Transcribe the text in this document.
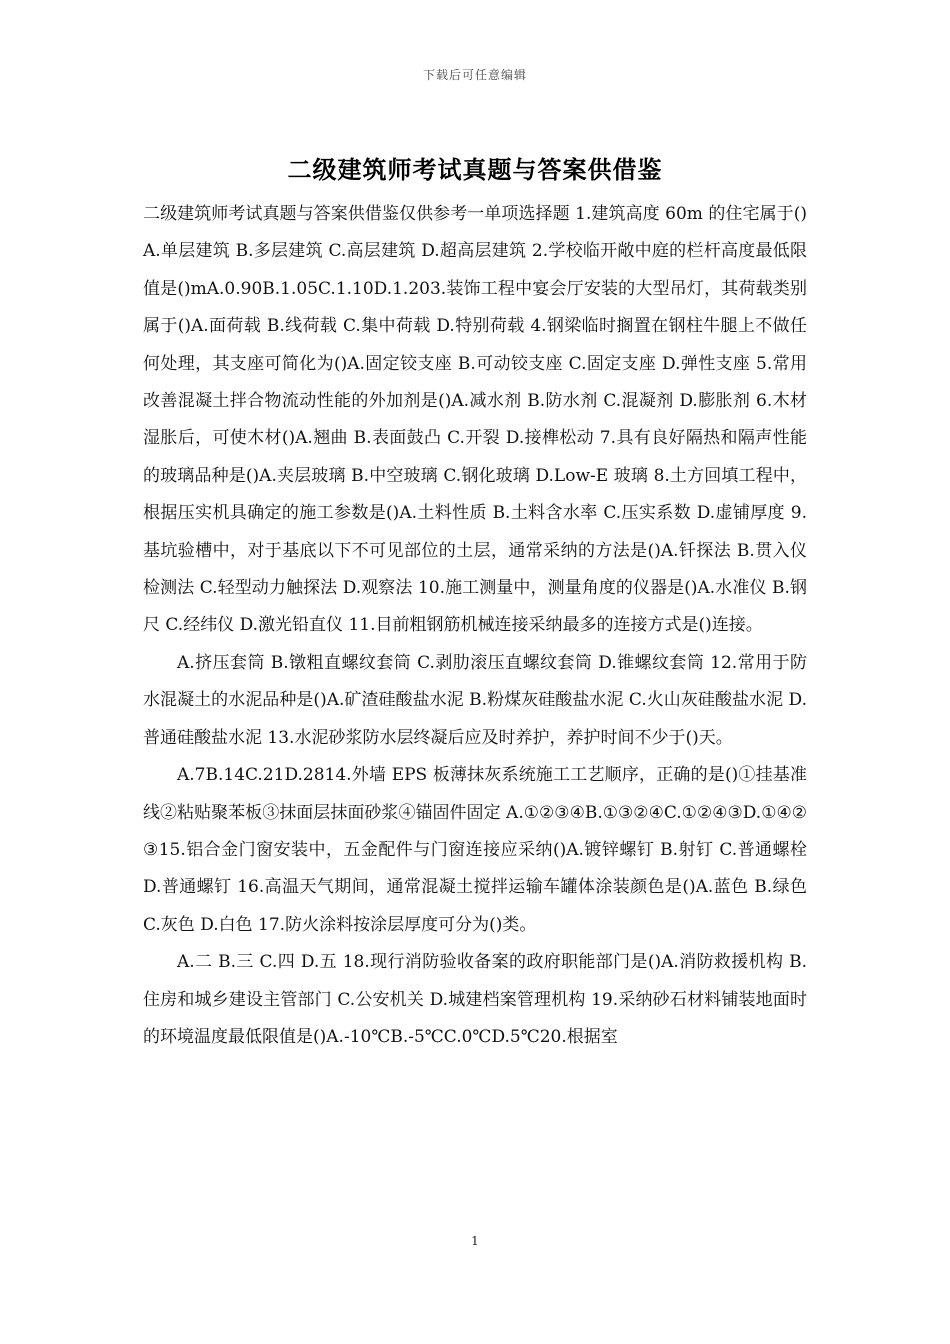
下载后可任意编辑
二级建筑师考试真题与答案供借鉴

二级建筑师考试真题与答案供借鉴仅供参考一单项选择题 1.建筑高度 60m 的住宅属于()A.单层建筑 B.多层建筑 C.高层建筑 D.超高层建筑 2.学校临开敞中庭的栏杆高度最低限值是()mA.0.90B.1.05C.1.10D.1.203.装饰工程中宴会厅安装的大型吊灯，其荷载类别属于()A.面荷载 B.线荷载 C.集中荷载 D.特别荷载 4.钢梁临时搁置在钢柱牛腿上不做任何处理，其支座可简化为()A.固定铰支座 B.可动铰支座 C.固定支座 D.弹性支座 5.常用改善混凝土拌合物流动性能的外加剂是()A.减水剂 B.防水剂 C.混凝剂 D.膨胀剂 6.木材湿胀后，可使木材()A.翘曲 B.表面鼓凸 C.开裂 D.接榫松动 7.具有良好隔热和隔声性能的玻璃品种是()A.夹层玻璃 B.中空玻璃 C.钢化玻璃 D.Low-E 玻璃 8.土方回填工程中，根据压实机具确定的施工参数是()A.土料性质 B.土料含水率 C.压实系数 D.虚铺厚度 9.基坑验槽中，对于基底以下不可见部位的土层，通常采纳的方法是()A.钎探法 B.贯入仪检测法 C.轻型动力触探法 D.观察法 10.施工测量中，测量角度的仪器是()A.水准仪 B.钢尺 C.经纬仪 D.激光铅直仪 11.目前粗钢筋机械连接采纳最多的连接方式是()连接。

A.挤压套筒 B.镦粗直螺纹套筒 C.剥肋滚压直螺纹套筒 D.锥螺纹套筒 12.常用于防水混凝土的水泥品种是()A.矿渣硅酸盐水泥 B.粉煤灰硅酸盐水泥 C.火山灰硅酸盐水泥 D.普通硅酸盐水泥 13.水泥砂浆防水层终凝后应及时养护，养护时间不少于()天。

A.7B.14C.21D.2814.外墙 EPS 板薄抹灰系统施工工艺顺序，正确的是()①挂基准线②粘贴聚苯板③抹面层抹面砂浆④锚固件固定 A.①②③④B.①③②④C.①②④③D.①④②③15.铝合金门窗安装中，五金配件与门窗连接应采纳()A.镀锌螺钉 B.射钉 C.普通螺栓 D.普通螺钉 16.高温天气期间，通常混凝土搅拌运输车罐体涂装颜色是()A.蓝色 B.绿色 C.灰色 D.白色 17.防火涂料按涂层厚度可分为()类。

A.二 B.三 C.四 D.五 18.现行消防验收备案的政府职能部门是()A.消防救援机构 B.住房和城乡建设主管部门 C.公安机关 D.城建档案管理机构 19.采纳砂石材料铺装地面时的环境温度最低限值是()A.-10℃B.-5℃C.0℃D.5℃20.根据室

1
